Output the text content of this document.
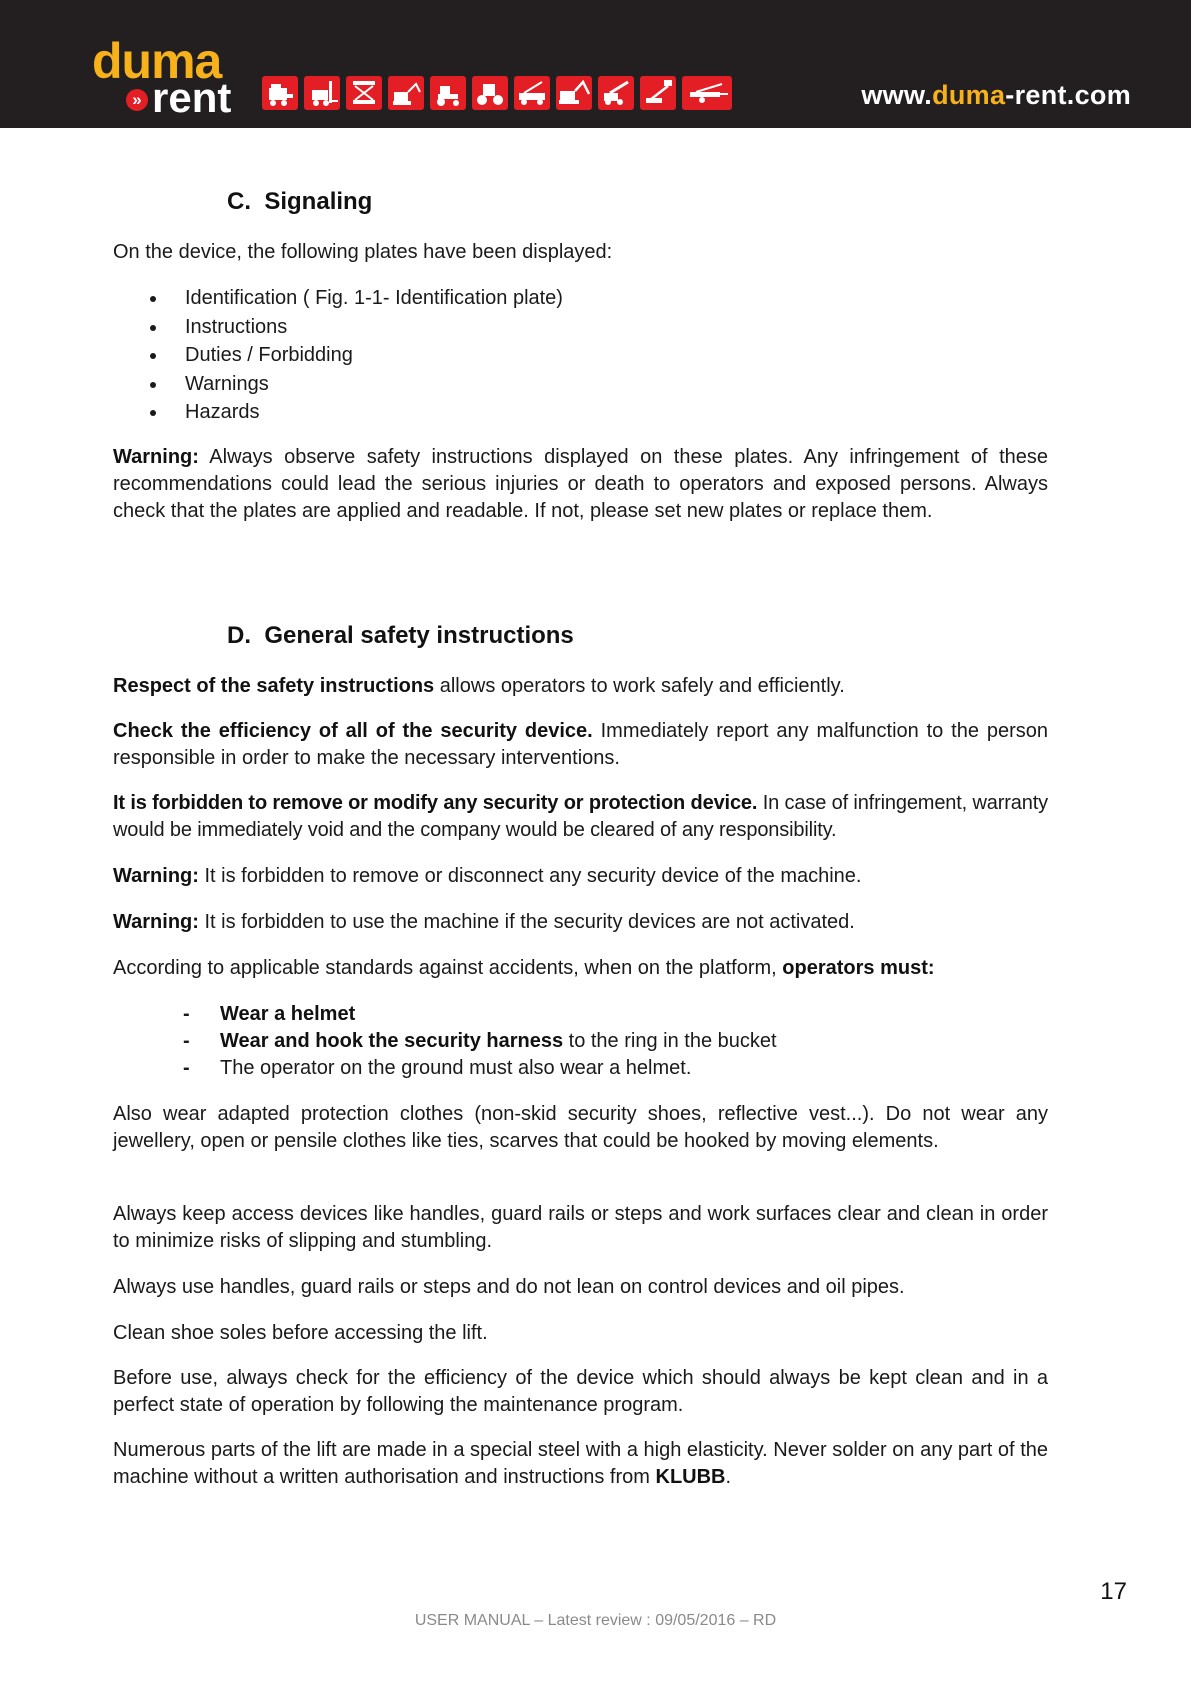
duma
» rent	www.duma-rent.com
C. Signaling

On the device, the following plates have been displayed:

Identification ( Fig. 1-1- Identification plate)
Instructions
Duties / Forbidding
Warnings
Hazards

Warning: Always observe safety instructions displayed on these plates. Any infringement of these recommendations could lead the serious injuries or death to operators and exposed persons. Always check that the plates are applied and readable. If not, please set new plates or replace them.

D. General safety instructions

Respect of the safety instructions allows operators to work safely and efficiently.

Check the efficiency of all of the security device. Immediately report any malfunction to the person responsible in order to make the necessary interventions.

It is forbidden to remove or modify any security or protection device. In case of infringement, warranty would be immediately void and the company would be cleared of any responsibility.

Warning: It is forbidden to remove or disconnect any security device of the machine.

Warning: It is forbidden to use the machine if the security devices are not activated.

According to applicable standards against accidents, when on the platform, operators must:

- Wear a helmet
- Wear and hook the security harness to the ring in the bucket
- The operator on the ground must also wear a helmet.

Also wear adapted protection clothes (non-skid security shoes, reflective vest...). Do not wear any jewellery, open or pensile clothes like ties, scarves that could be hooked by moving elements.

Always keep access devices like handles, guard rails or steps and work surfaces clear and clean in order to minimize risks of slipping and stumbling.

Always use handles, guard rails or steps and do not lean on control devices and oil pipes.

Clean shoe soles before accessing the lift.

Before use, always check for the efficiency of the device which should always be kept clean and in a perfect state of operation by following the maintenance program.

Numerous parts of the lift are made in a special steel with a high elasticity. Never solder on any part of the machine without a written authorisation and instructions from KLUBB.

17
USER MANUAL – Latest review : 09/05/2016 – RD
